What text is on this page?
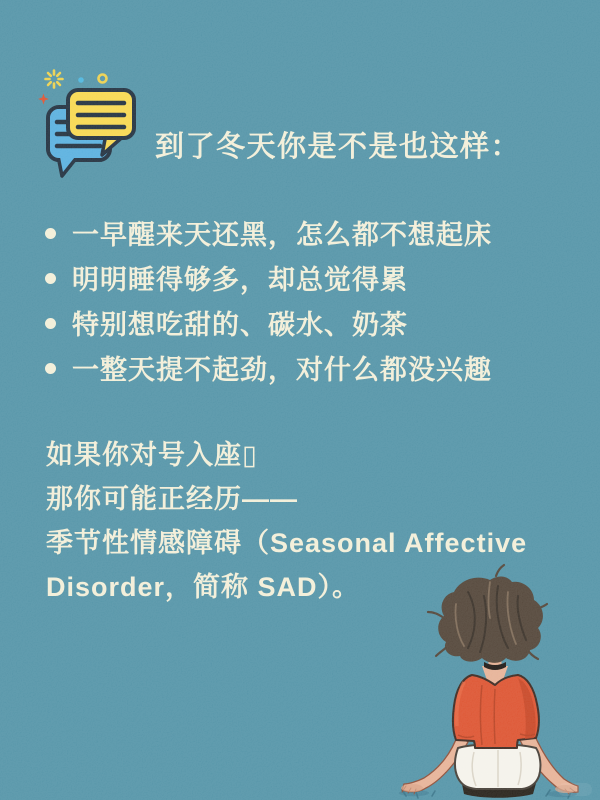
到了冬天你是不是也这样：
一早醒来天还黑，怎么都不想起床
明明睡得够多，却总觉得累
特别想吃甜的、碳水、奶茶
一整天提不起劲，对什么都没兴趣

如果你对号入座▯

那你可能正经历——

季节性情感障碍（Seasonal Affective

Disorder，简称 SAD）。
